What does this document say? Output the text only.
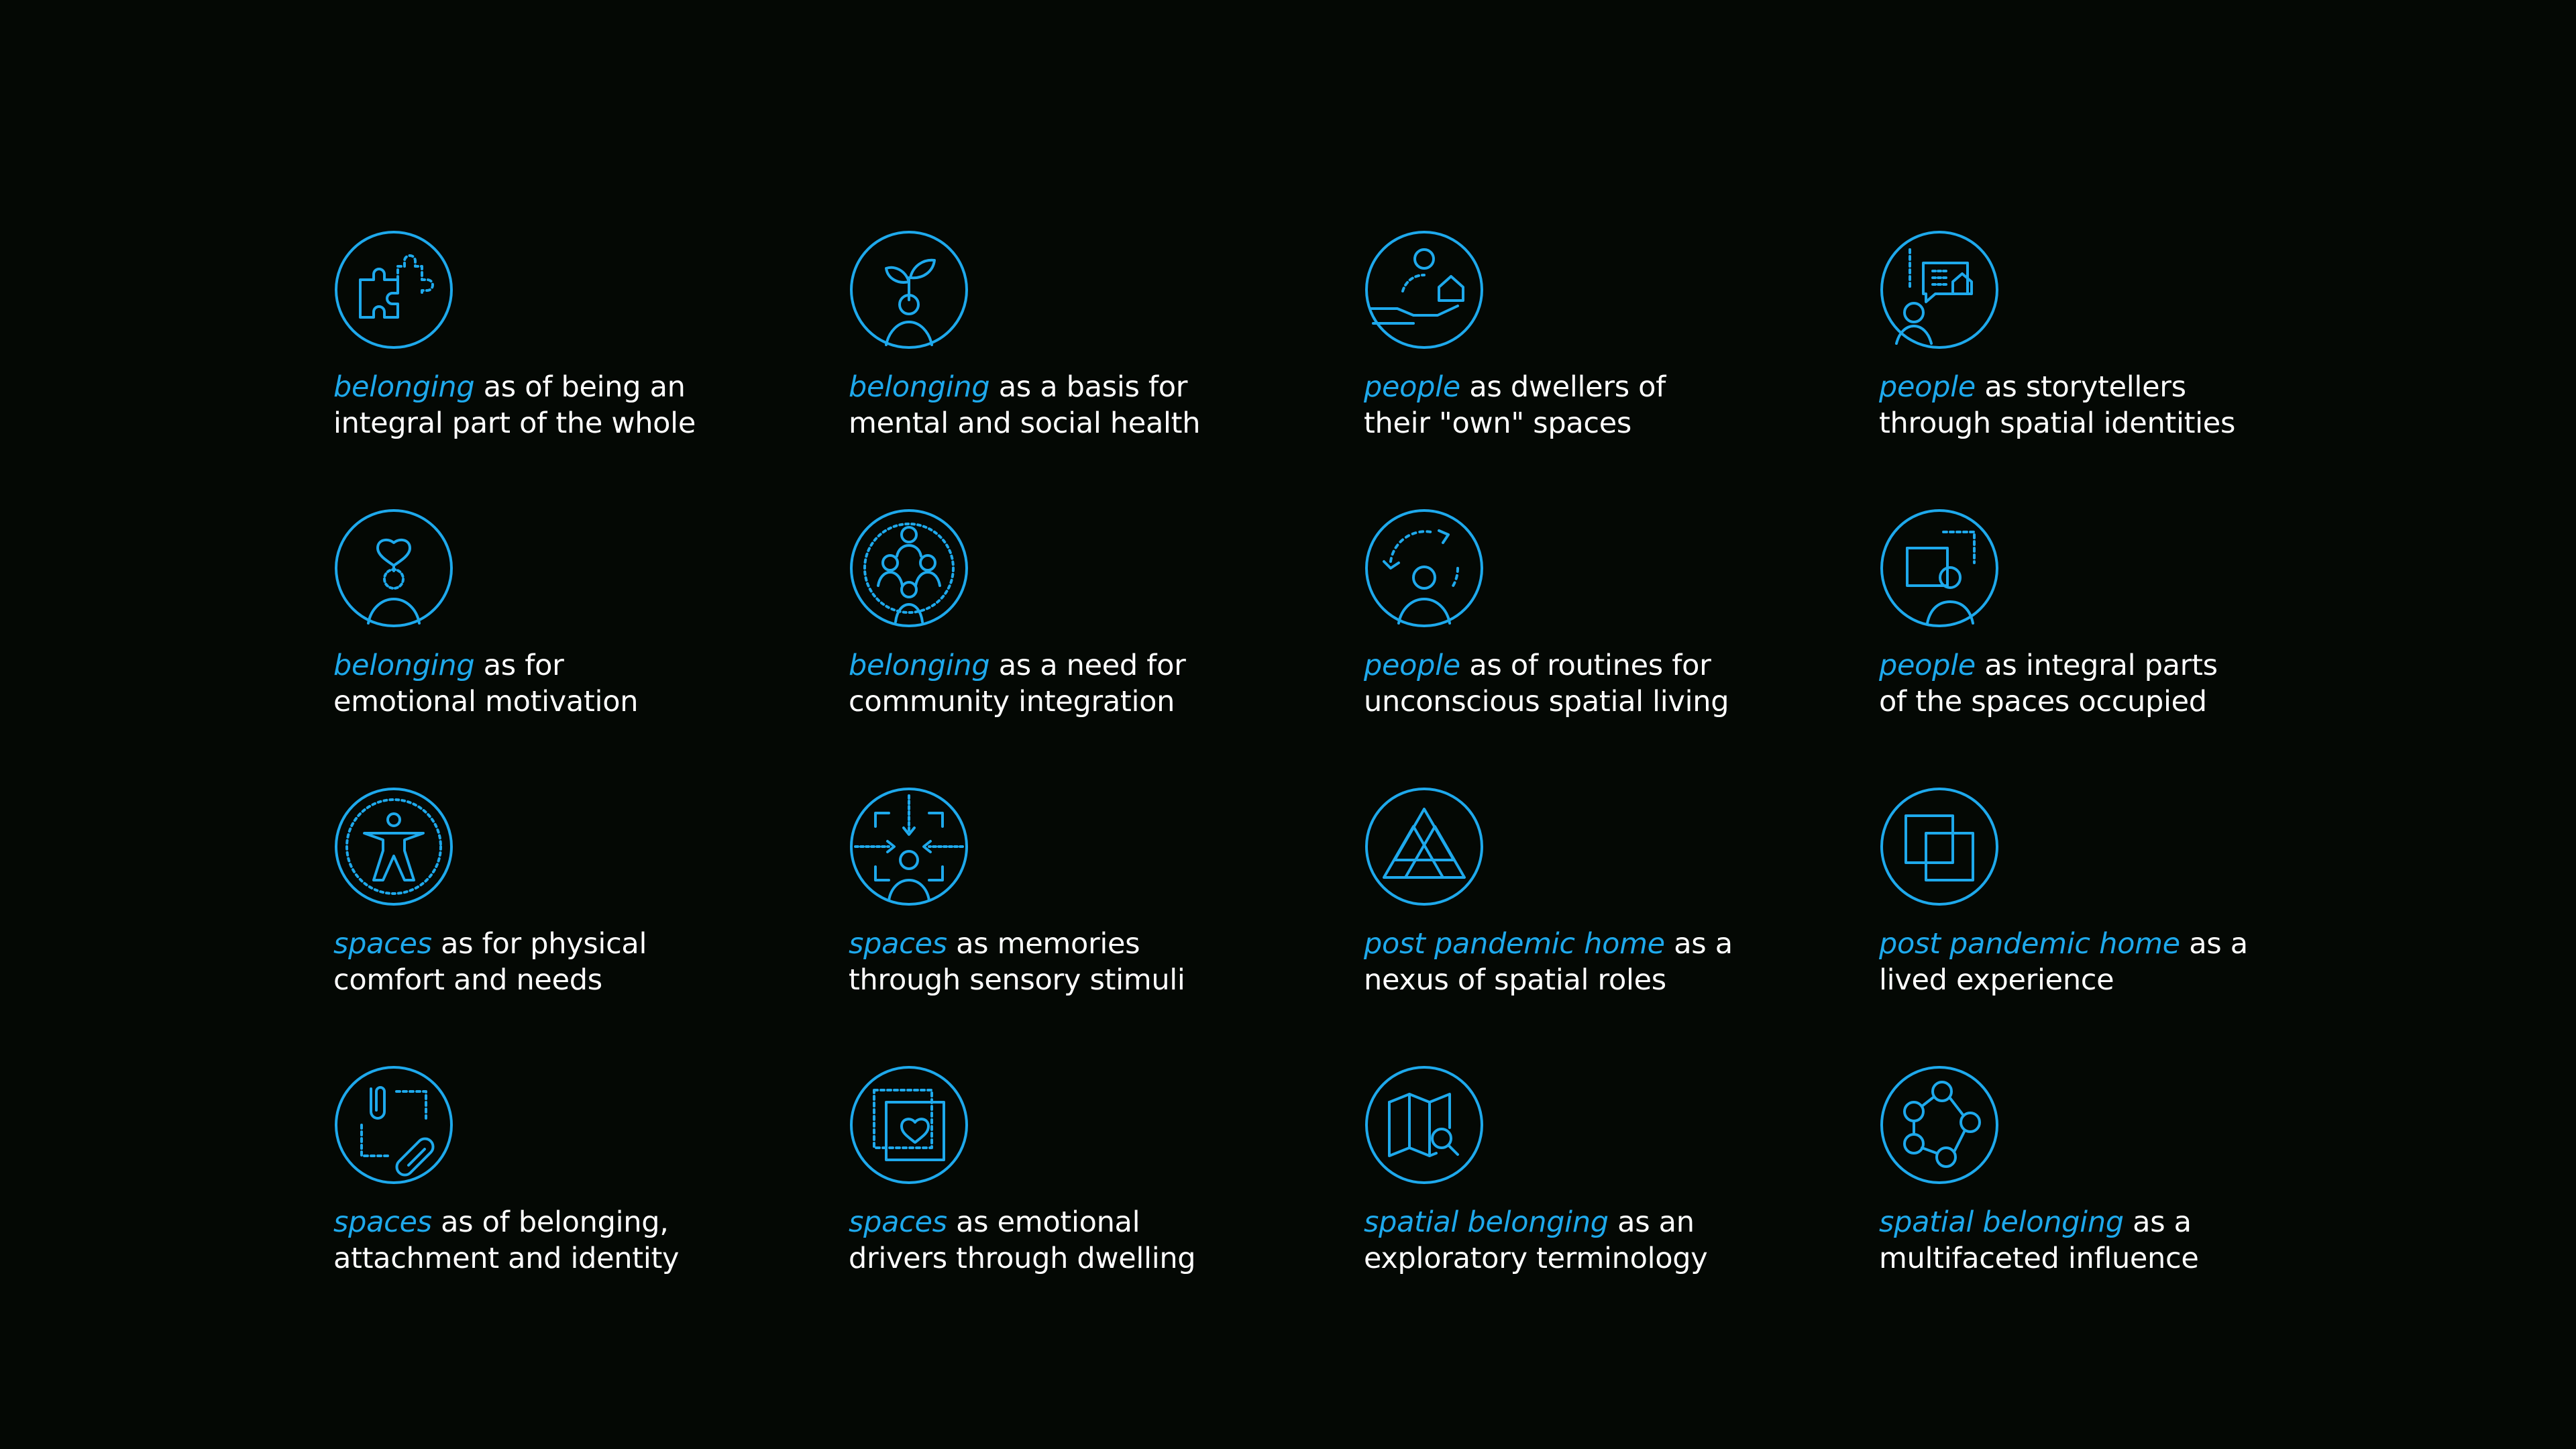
belonging as of being an
integral part of the whole
belonging as a basis for
mental and social health
people as dwellers of
their "own" spaces
people as storytellers
through spatial identities
belonging as for
emotional motivation
belonging as a need for
community integration
people as of routines for
unconscious spatial living
people as integral parts
of the spaces occupied
spaces as for physical
comfort and needs
spaces as memories
through sensory stimuli
post pandemic home as a
nexus of spatial roles
post pandemic home as a
lived experience
spaces as of belonging,
attachment and identity
spaces as emotional
drivers through dwelling
spatial belonging as an
exploratory terminology
spatial belonging as a
multifaceted influence
